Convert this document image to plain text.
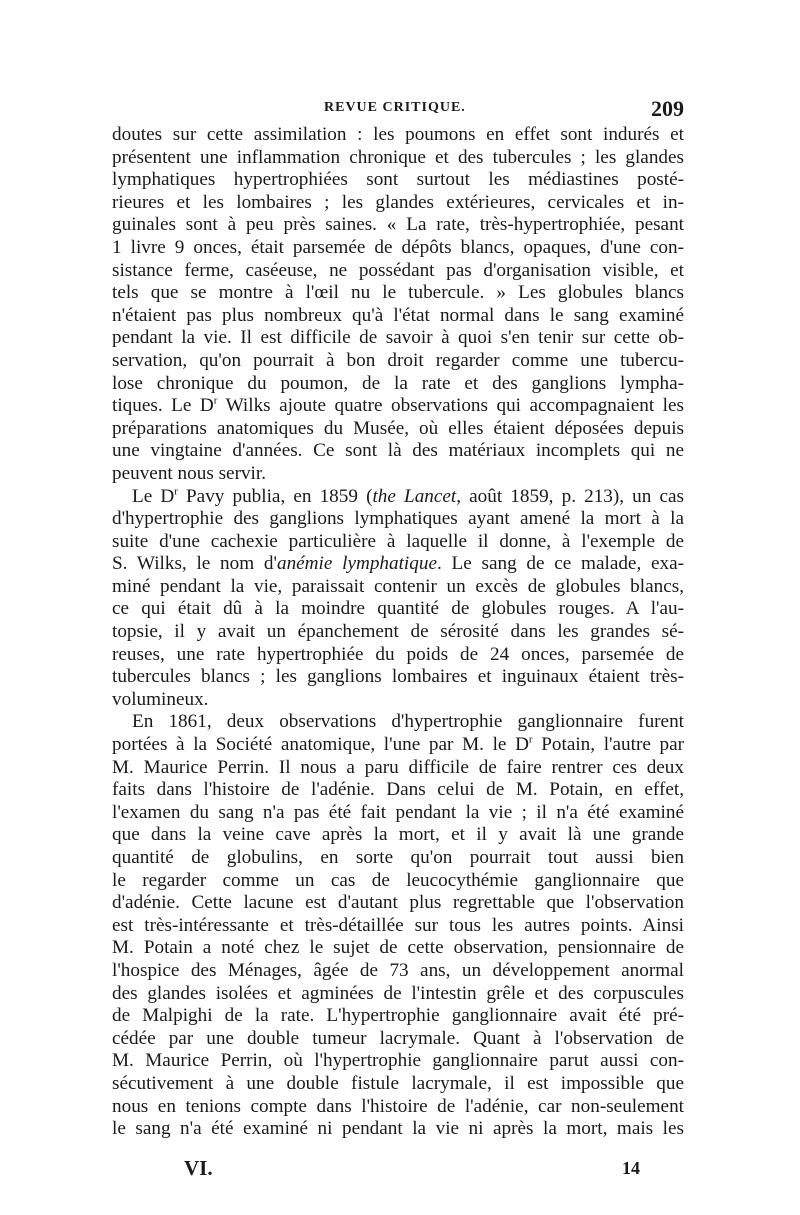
REVUE CRITIQUE.	209

doutes sur cette assimilation : les poumons en effet sont indurés et
présentent une inflammation chronique et des tubercules ; les glandes
lymphatiques hypertrophiées sont surtout les médiastines posté-
rieures et les lombaires ; les glandes extérieures, cervicales et in-
guinales sont à peu près saines. « La rate, très-hypertrophiée, pesant
1 livre 9 onces, était parsemée de dépôts blancs, opaques, d'une con-
sistance ferme, caséeuse, ne possédant pas d'organisation visible, et
tels que se montre à l'œil nu le tubercule. » Les globules blancs
n'étaient pas plus nombreux qu'à l'état normal dans le sang examiné
pendant la vie. Il est difficile de savoir à quoi s'en tenir sur cette ob-
servation, qu'on pourrait à bon droit regarder comme une tubercu-
lose chronique du poumon, de la rate et des ganglions lympha-
tiques. Le $D^r$ Wilks ajoute quatre observations qui accompagnaient les
préparations anatomiques du Musée, où elles étaient déposées depuis
une vingtaine d'années. Ce sont là des matériaux incomplets qui ne
peuvent nous servir.

Le $D^r$ Pavy publia, en 1859 (the Lancet, août 1859, p. 213), un cas
d'hypertrophie des ganglions lymphatiques ayant amené la mort à la
suite d'une cachexie particulière à laquelle il donne, à l'exemple de
S. Wilks, le nom d'anémie lymphatique. Le sang de ce malade, exa-
miné pendant la vie, paraissait contenir un excès de globules blancs,
ce qui était dû à la moindre quantité de globules rouges. A l'au-
topsie, il y avait un épanchement de sérosité dans les grandes sé-
reuses, une rate hypertrophiée du poids de 24 onces, parsemée de
tubercules blancs ; les ganglions lombaires et inguinaux étaient très-
volumineux.

En 1861, deux observations d'hypertrophie ganglionnaire furent
portées à la Société anatomique, l'une par M. le $D^r$ Potain, l'autre par
M. Maurice Perrin. Il nous a paru difficile de faire rentrer ces deux
faits dans l'histoire de l'adénie. Dans celui de M. Potain, en effet,
l'examen du sang n'a pas été fait pendant la vie ; il n'a été examiné
que dans la veine cave après la mort, et il y avait là une grande
quantité de globulins, en sorte qu'on pourrait tout aussi bien
le regarder comme un cas de leucocythémie ganglionnaire que
d'adénie. Cette lacune est d'autant plus regrettable que l'observation
est très-intéressante et très-détaillée sur tous les autres points. Ainsi
M. Potain a noté chez le sujet de cette observation, pensionnaire de
l'hospice des Ménages, âgée de 73 ans, un développement anormal
des glandes isolées et agminées de l'intestin grêle et des corpuscules
de Malpighi de la rate. L'hypertrophie ganglionnaire avait été pré-
cédée par une double tumeur lacrymale. Quant à l'observation de
M. Maurice Perrin, où l'hypertrophie ganglionnaire parut aussi con-
sécutivement à une double fistule lacrymale, il est impossible que
nous en tenions compte dans l'histoire de l'adénie, car non-seulement
le sang n'a été examiné ni pendant la vie ni après la mort, mais les

VI.	14
